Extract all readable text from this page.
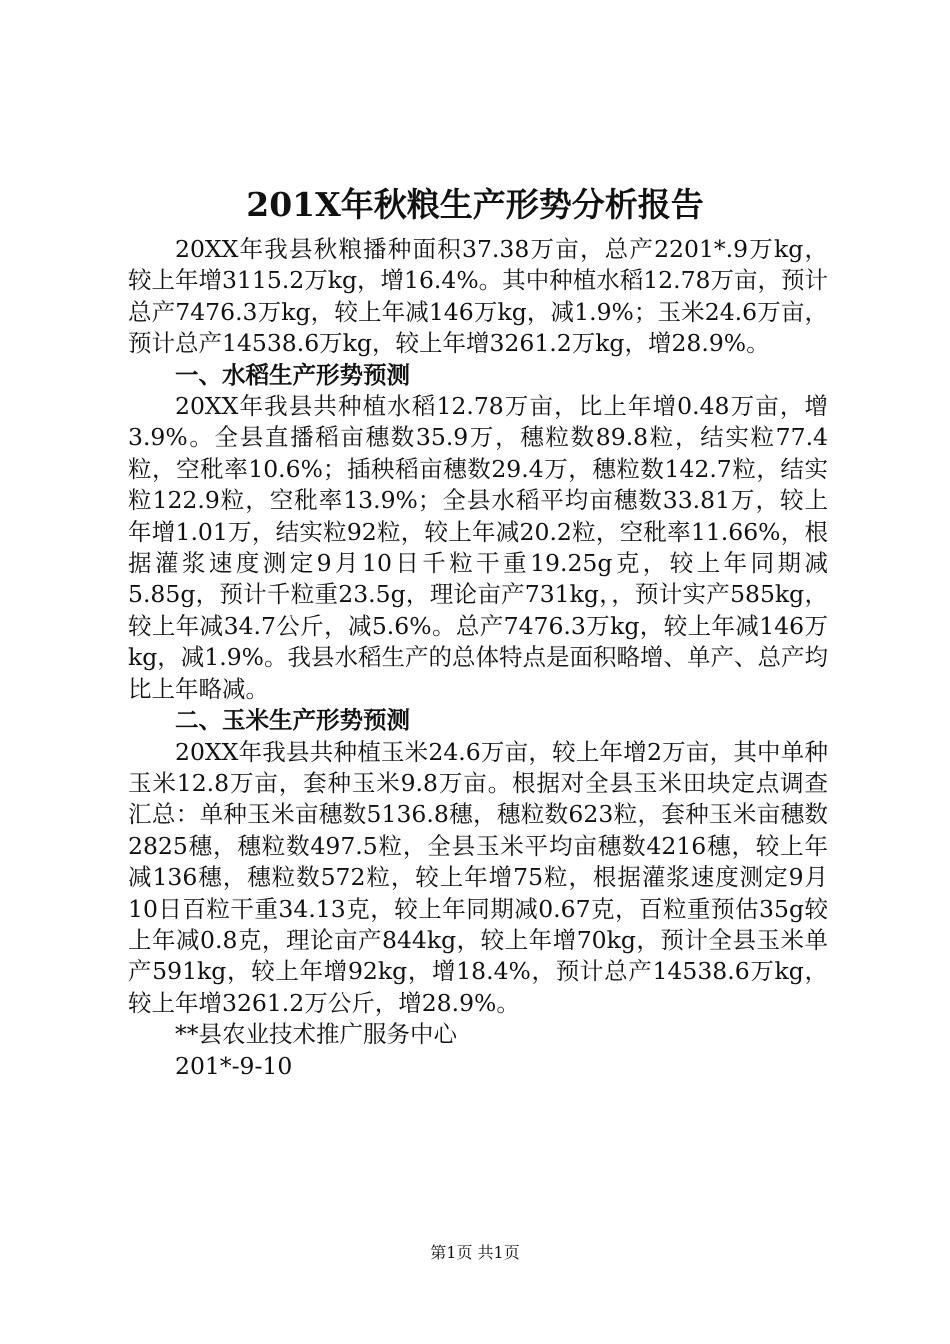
201X年秋粮生产形势分析报告

20XX年我县秋粮播种面积37.38万亩，总产2201*.9万kg，较上年增3115.2万kg，增16.4%。其中种植水稻12.78万亩，预计总产7476.3万kg，较上年减146万kg，减1.9%；玉米24.6万亩，预计总产14538.6万kg，较上年增3261.2万kg，增28.9%。

一、水稻生产形势预测

20XX年我县共种植水稻12.78万亩，比上年增0.48万亩，增3.9%。全县直播稻亩穗数35.9万，穗粒数89.8粒，结实粒77.4粒，空秕率10.6%；插秧稻亩穗数29.4万，穗粒数142.7粒，结实粒122.9粒，空秕率13.9%；全县水稻平均亩穗数33.81万，较上年增1.01万，结实粒92粒，较上年减20.2粒，空秕率11.66%，根据灌浆速度测定9月10日千粒干重19.25g克，较上年同期减5.85g，预计千粒重23.5g，理论亩产731kg，，预计实产585kg，较上年减34.7公斤，减5.6%。总产7476.3万kg，较上年减146万kg，减1.9%。我县水稻生产的总体特点是面积略增、单产、总产均比上年略减。

二、玉米生产形势预测

20XX年我县共种植玉米24.6万亩，较上年增2万亩，其中单种玉米12.8万亩，套种玉米9.8万亩。根据对全县玉米田块定点调查汇总：单种玉米亩穗数5136.8穗，穗粒数623粒，套种玉米亩穗数2825穗，穗粒数497.5粒，全县玉米平均亩穗数4216穗，较上年减136穗，穗粒数572粒，较上年增75粒，根据灌浆速度测定9月10日百粒干重34.13克，较上年同期减0.67克，百粒重预估35g较上年减0.8克，理论亩产844kg，较上年增70kg，预计全县玉米单产591kg，较上年增92kg，增18.4%，预计总产14538.6万kg，较上年增3261.2万公斤，增28.9%。

**县农业技术推广服务中心
201*-9-10
第1页 共1页
